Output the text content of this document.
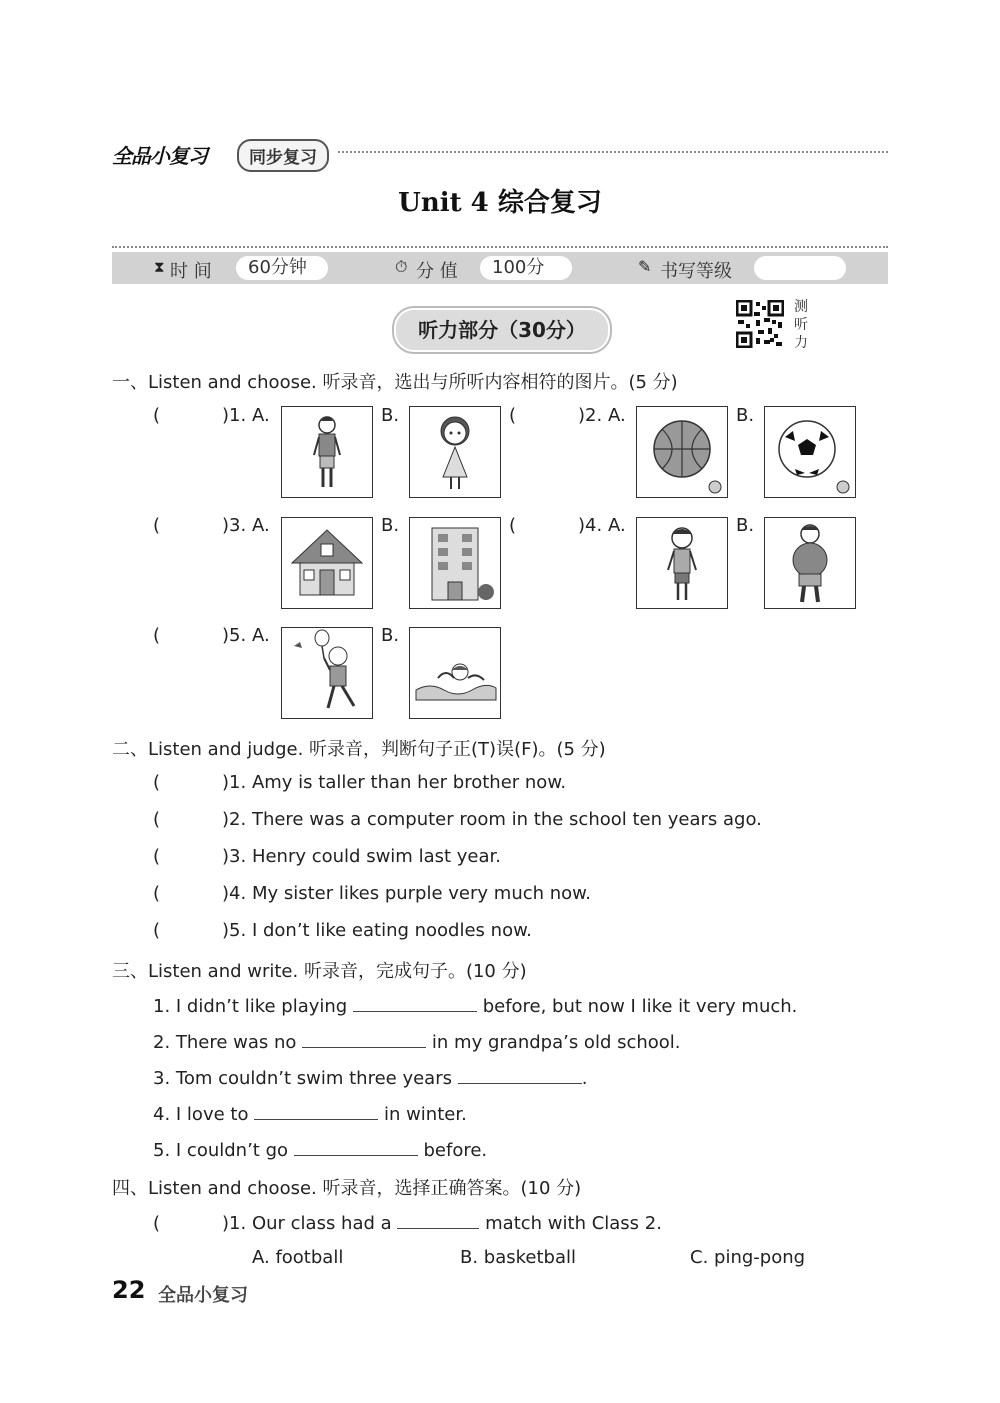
全品小复习	同步复习
Unit 4 综合复习
⧗ 时 间	60分钟	⏱ 分 值	100分	✎ 书写等级
听力部分（30分）
测听力
一、Listen and choose. 听录音，选出与所听内容相符的图片。(5 分)
(	)1. A.	B.	(	)2. A.	B.
(	)3. A.	B.	(	)4. A.	B.
(	)5. A.	B.
二、Listen and judge. 听录音，判断句子正(T)误(F)。(5 分)
(	)1. Amy is taller than her brother now.
(	)2. There was a computer room in the school ten years ago.
(	)3. Henry could swim last year.
(	)4. My sister likes purple very much now.
(	)5. I don’t like eating noodles now.
三、Listen and write. 听录音，完成句子。(10 分)
1. I didn’t like playing	before, but now I like it very much.
2. There was no	in my grandpa’s old school.
3. Tom couldn’t swim three years	.
4. I love to	in winter.
5. I couldn’t go	before.
四、Listen and choose. 听录音，选择正确答案。(10 分)
(	)1. Our class had a	match with Class 2.
A. football	B. basketball	C. ping-pong
22 全品小复习
